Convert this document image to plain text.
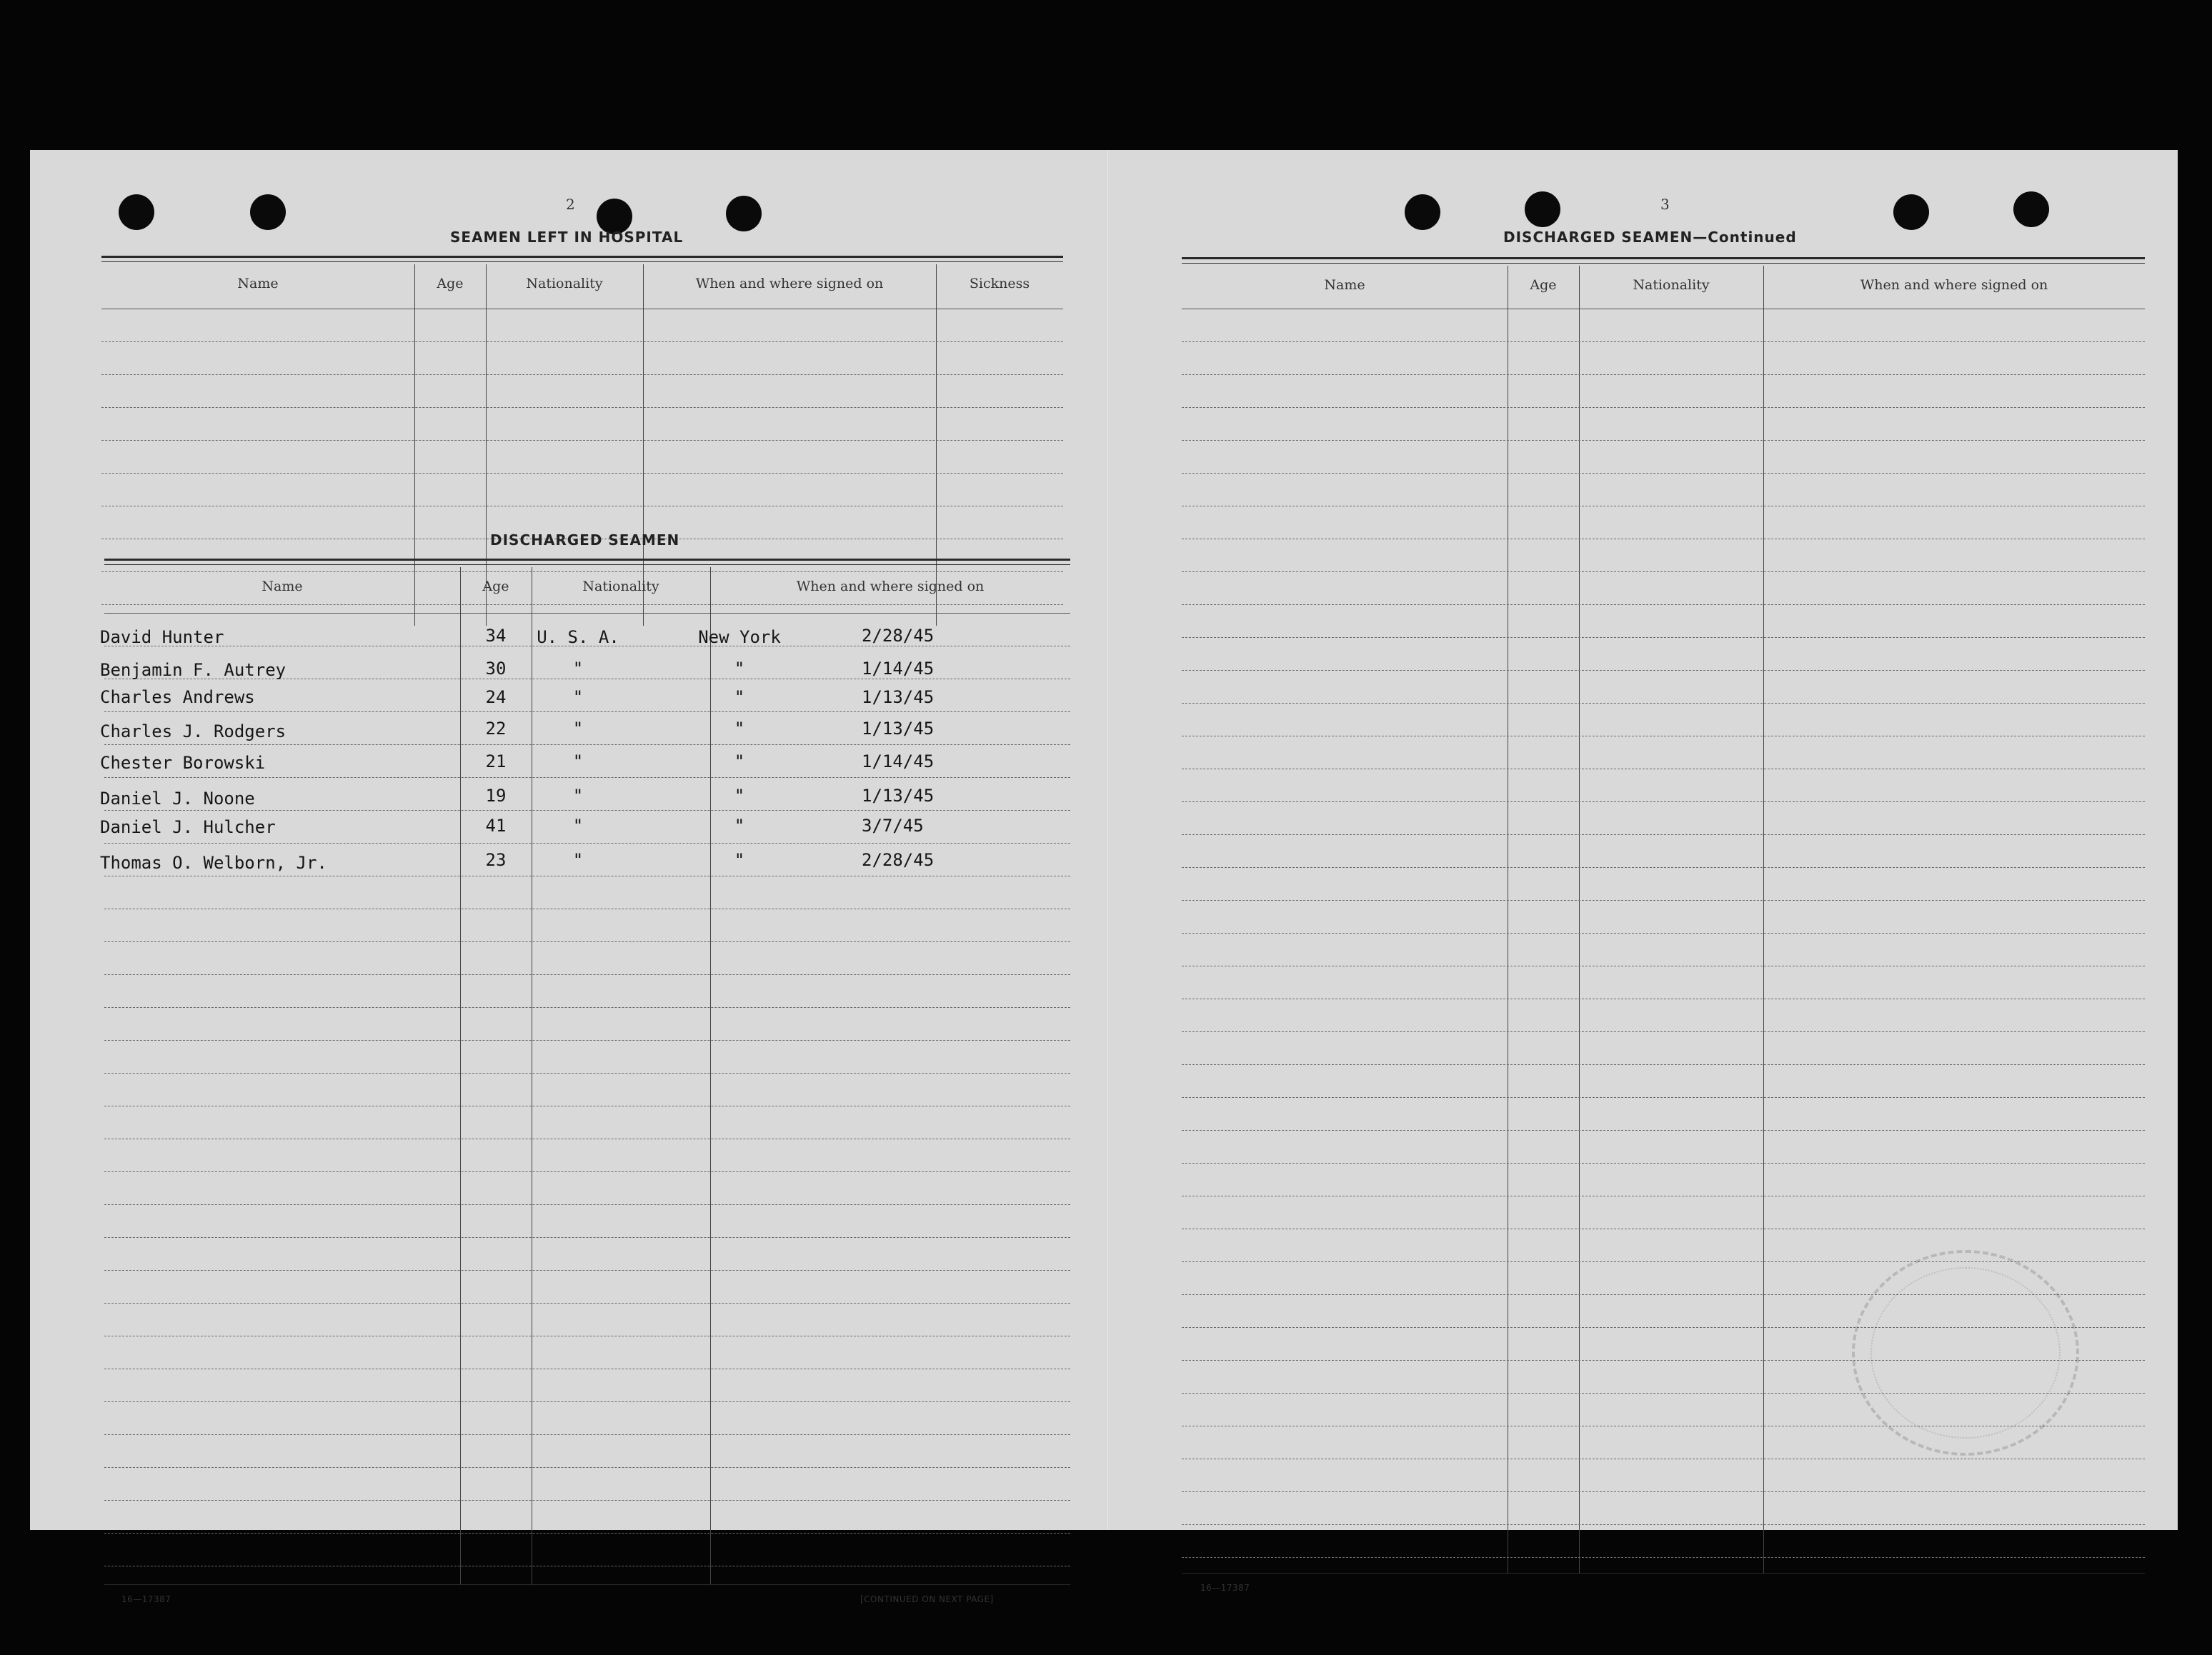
2
SEAMEN LEFT IN HOSPITAL
Name	Age	Nationality	When and where signed on	Sickness
DISCHARGED SEAMEN
Name	Age	Nationality	When and where signed on
David Hunter	34	U. S. A.	New York	2/28/45
Benjamin F. Autrey	30	"	"	1/14/45
Charles Andrews	24	"	"	1/13/45
Charles J. Rodgers	22	"	"	1/13/45
Chester Borowski	21	"	"	1/14/45
Daniel J. Noone	19	"	"	1/13/45
Daniel J. Hulcher	41	"	"	3/7/45
Thomas O. Welborn, Jr.	23	"	"	2/28/45
16—17387	[CONTINUED ON NEXT PAGE]
3
DISCHARGED SEAMEN—Continued
Name	Age	Nationality	When and where signed on
16—17387
